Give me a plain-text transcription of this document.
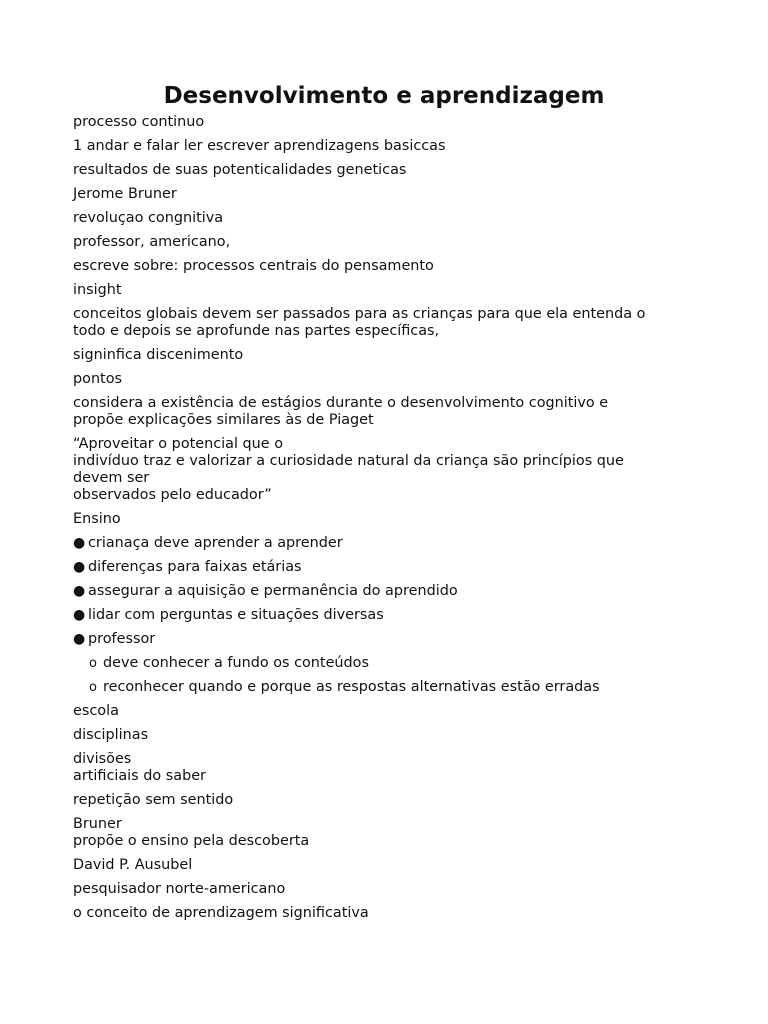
Desenvolvimento e aprendizagem

processo continuo

1 andar e falar ler escrever aprendizagens basiccas

resultados de suas potenticalidades geneticas

Jerome Bruner

revoluçao congnitiva

professor, americano,

escreve sobre: processos centrais do pensamento

insight

conceitos globais devem ser passados para as crianças para que ela entenda o
todo e depois se aprofunde nas partes específicas,

signinfica discenimento

pontos

considera a existência de estágios durante o desenvolvimento cognitivo e
propõe explicações similares às de Piaget

“Aproveitar o potencial que o
indivíduo traz e valorizar a curiosidade natural da criança são princípios que
devem ser
observados pelo educador”

Ensino

● crianaça deve aprender a aprender
● diferenças para faixas etárias
● assegurar a aquisição e permanência do aprendido
● lidar com perguntas e situações diversas
● professor
o deve conhecer a fundo os conteúdos
o reconhecer quando e porque as respostas alternativas estão erradas

escola

disciplinas

divisões
artificiais do saber

repetição sem sentido

Bruner
propõe o ensino pela descoberta

David P. Ausubel

pesquisador norte-americano

o conceito de aprendizagem significativa
